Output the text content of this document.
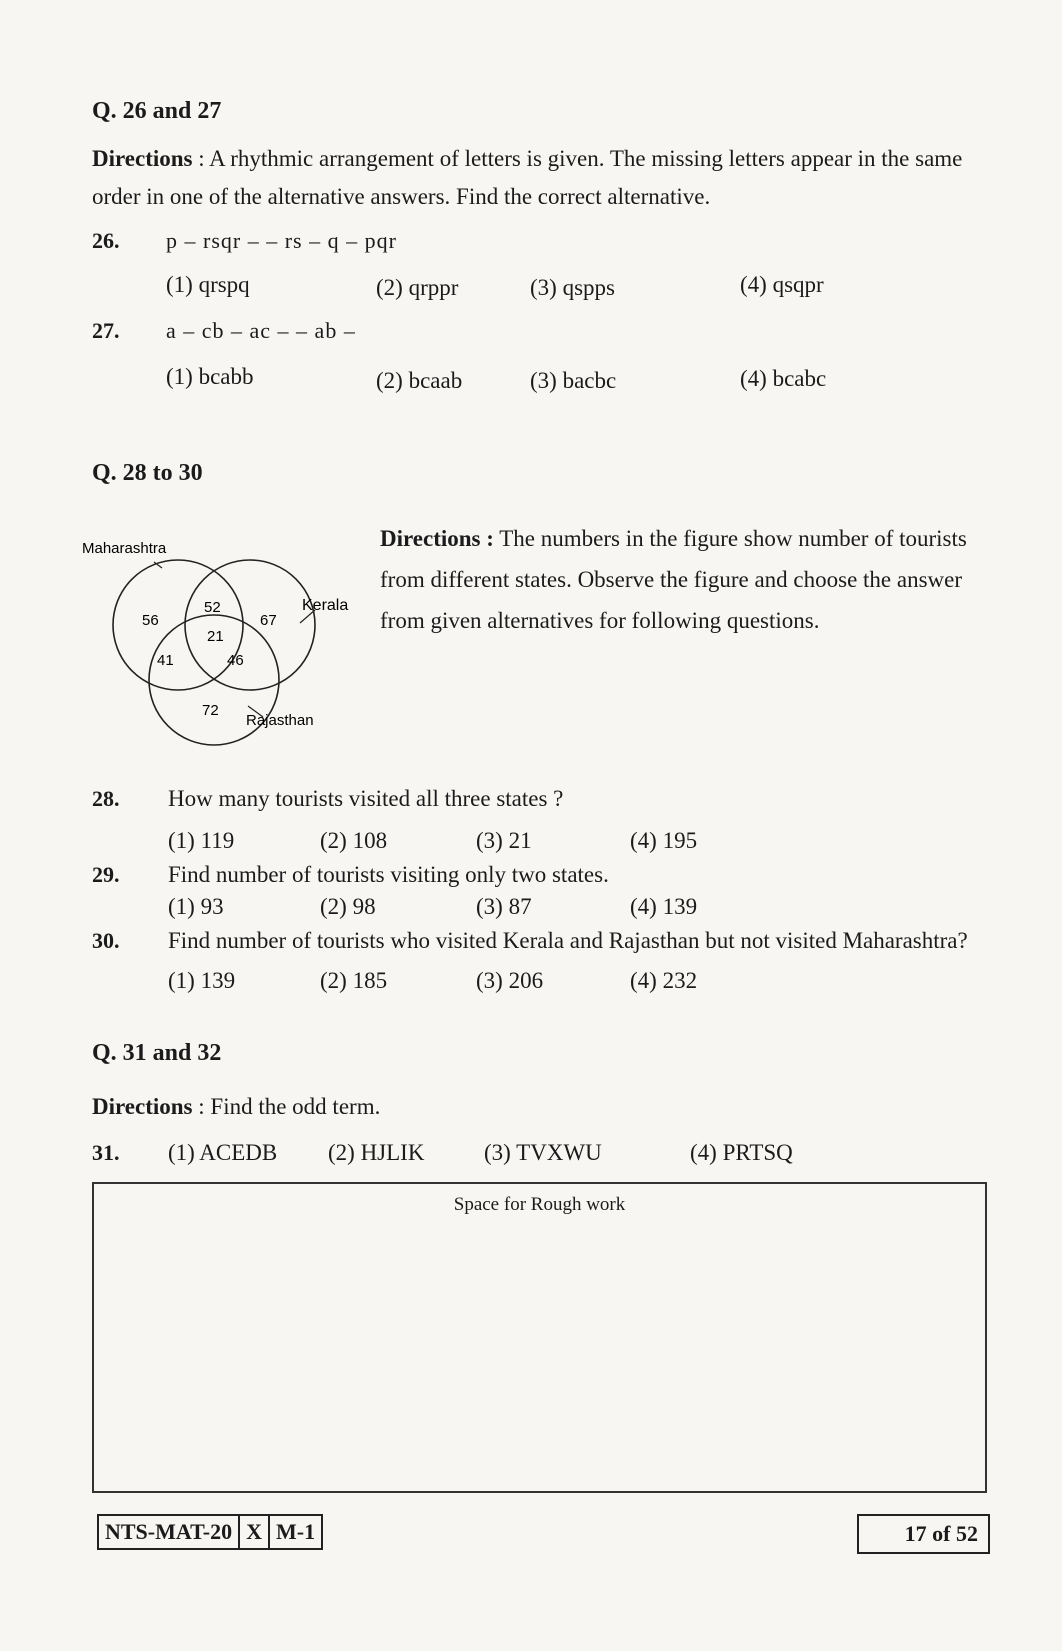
Q. 26 and 27
Directions : A rhythmic arrangement of letters is given. The missing letters appear in the same order in one of the alternative answers. Find the correct alternative.
26. p – rsqr – – rs – q – pqr
(1) qrspq	(2) qrppr	(3) qspps	(4) qsqpr
27. a – cb – ac – – ab –
(1) bcabb	(2) bcaab	(3) bacbc	(4) bcabc
Q. 28 to 30
Maharashtra
Kerala
Rajasthan
56
52
67
21
41	46
72
Directions : The numbers in the figure show number of tourists from different states. Observe the figure and choose the answer from given alternatives for following questions.
28. How many tourists visited all three states ?
(1) 119	(2) 108	(3) 21	(4) 195
29. Find number of tourists visiting only two states.
(1) 93	(2) 98	(3) 87	(4) 139
30. Find number of tourists who visited Kerala and Rajasthan but not visited Maharashtra?
(1) 139	(2) 185	(3) 206	(4) 232
Q. 31 and 32
Directions : Find the odd term.
31. (1) ACEDB (2) HJLIK	(3) TVXWU	(4) PRTSQ
Space for Rough work
NTS-MAT-20	X	M-1	17 of 52
